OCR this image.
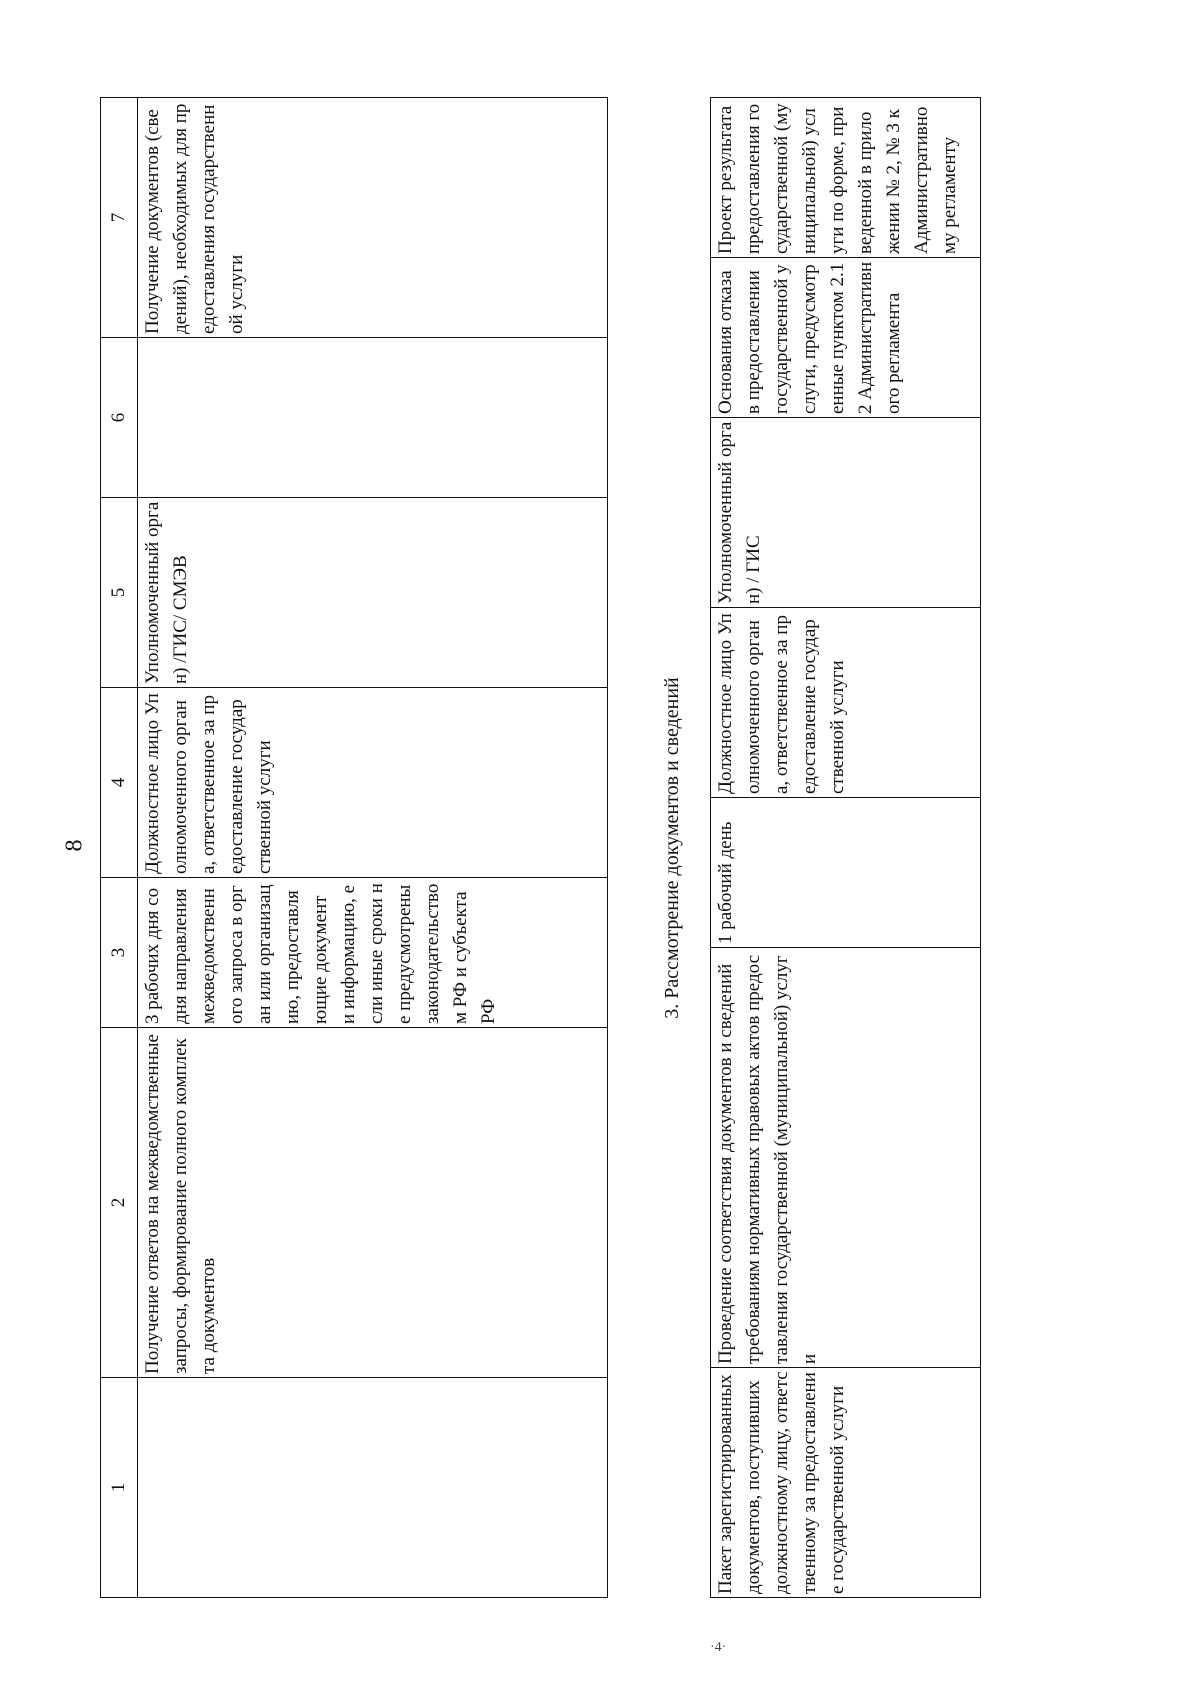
8
1	2	3	4	5	6	7
	Получение ответов на межведомственные запросы, формирование полного комплекта документов	3 рабочих дня со дня направления межведомственного запроса в орган или организацию, предоставляющие документ и информацию, если иные сроки не предусмотрены законодательством РФ и субъекта РФ	Должностное лицо Уполномоченного органа, ответственное за предоставление государственной услуги	Уполномоченный орган) /ГИС/ СМЭВ		Получение документов (сведений), необходимых для предоставления государственной услуги
3. Рассмотрение документов и сведений
Пакет зарегистрированных документов, поступивших должностному лицу, ответственному за предоставление государственной услуги	Проведение соответствия документов и сведений требованиям нормативных правовых актов предоставления государственной (муниципальной) услуги	1 рабочий день	Должностное лицо Уполномоченного органа, ответственное за предоставление государственной услуги	Уполномоченный орган) / ГИС	Основания отказа в предоставлении государственной услуги, предусмотренные пунктом 2.12 Административного регламента	Проект результата предоставления государственной (муниципальной) услуги по форме, приведенной в приложении № 2, № 3 к Административному регламенту
·4·
